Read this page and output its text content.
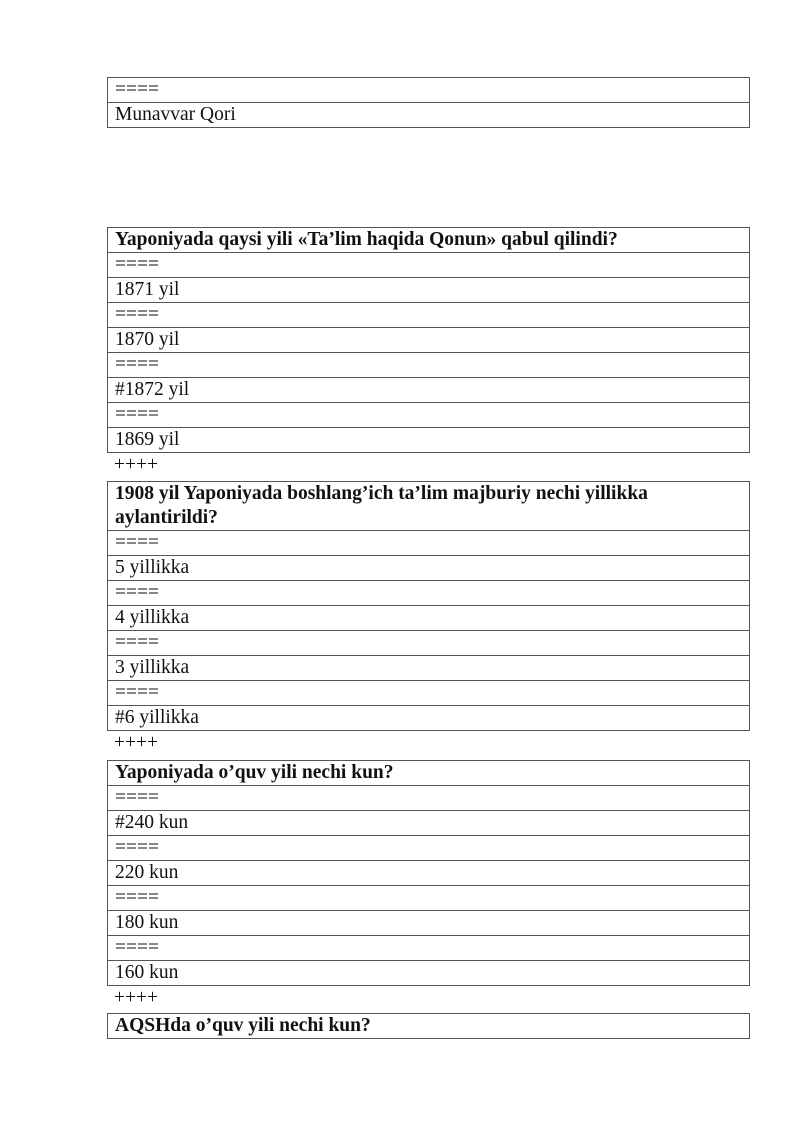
====
Munavvar Qori
Yaponiyada qaysi yili «Ta’lim haqida Qonun» qabul qilindi?
====
1871 yil
====
1870 yil
====
#1872 yil
====
1869 yil
++++
1908 yil Yaponiyada boshlang’ich ta’lim majburiy nechi yillikka aylantirildi?
====
5 yillikka
====
4 yillikka
====
3 yillikka
====
#6 yillikka
++++
Yaponiyada o’quv yili nechi kun?
====
#240 kun
====
220 kun
====
180 kun
====
160 kun
++++
AQSHda o’quv yili nechi kun?
